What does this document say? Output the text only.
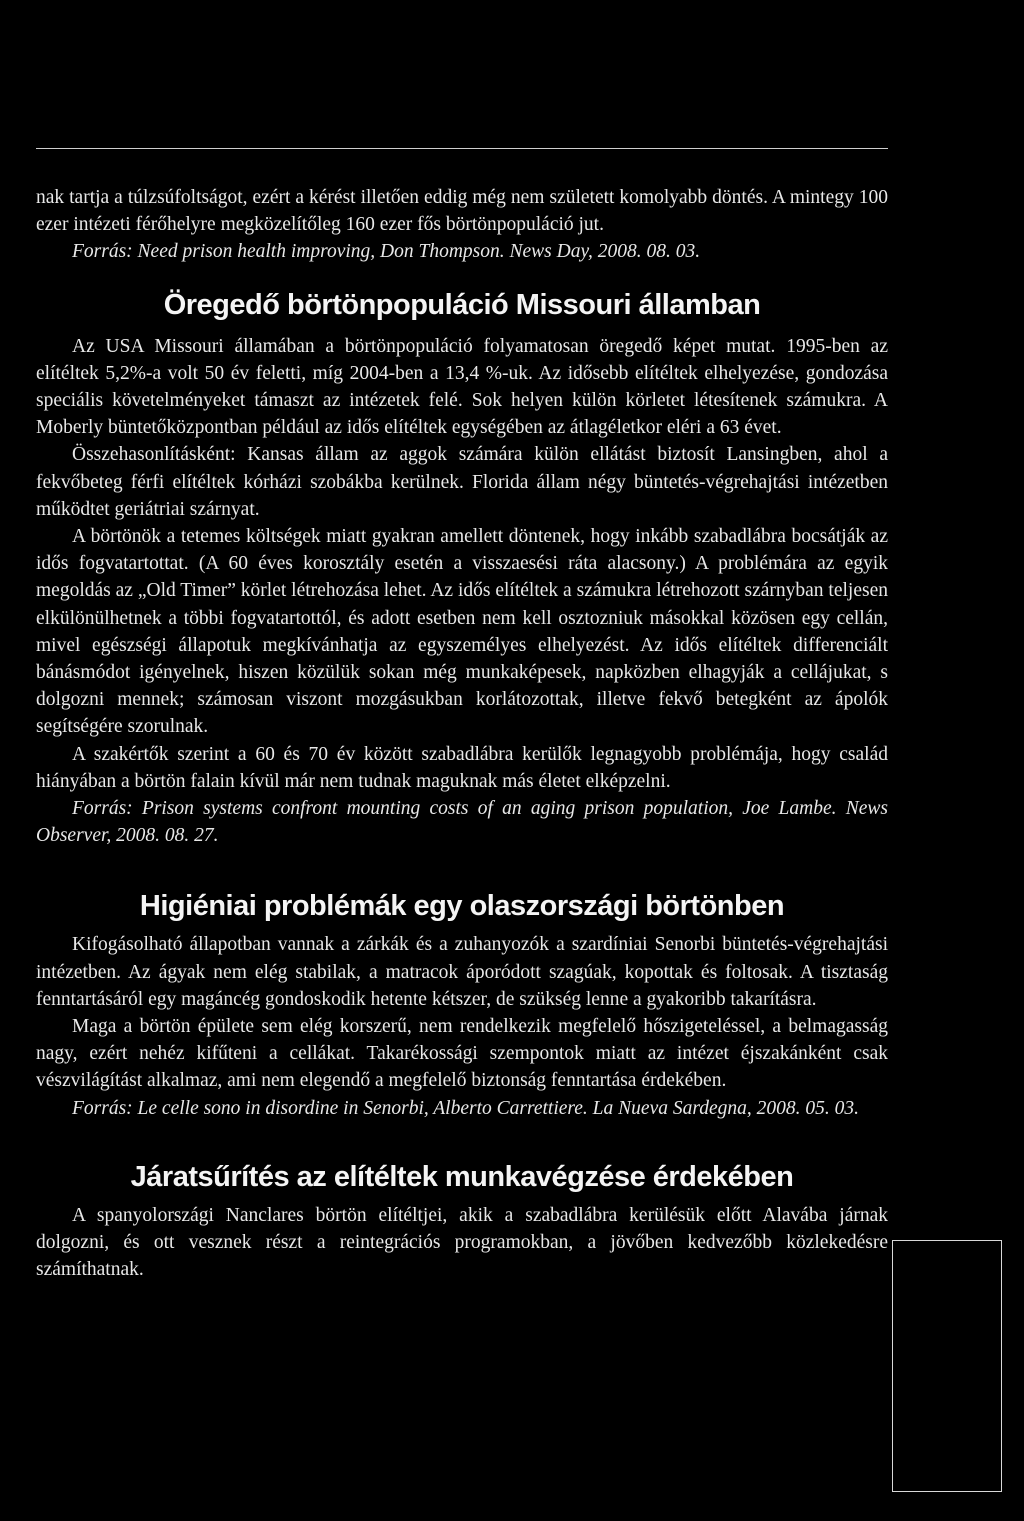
nak tartja a túlzsúfoltságot, ezért a kérést illetően eddig még nem született komolyabb döntés. A mintegy 100 ezer intézeti férőhelyre megközelítőleg 160 ezer fős börtönpopuláció jut.

Forrás: Need prison health improving, Don Thompson. News Day, 2008. 08. 03.

Öregedő börtönpopuláció Missouri államban

Az USA Missouri államában a börtönpopuláció folyamatosan öregedő képet mutat. 1995-ben az elítéltek 5,2%-a volt 50 év feletti, míg 2004-ben a 13,4 %-uk. Az idősebb elítéltek elhelyezése, gondozása speciális követelményeket támaszt az intézetek felé. Sok helyen külön körletet létesítenek számukra. A Moberly büntetőközpontban például az idős elítéltek egységében az átlagéletkor eléri a 63 évet.

Összehasonlításként: Kansas állam az aggok számára külön ellátást biztosít Lansingben, ahol a fekvőbeteg férfi elítéltek kórházi szobákba kerülnek. Florida állam négy büntetés-végrehajtási intézetben működtet geriátriai szárnyat.

A börtönök a tetemes költségek miatt gyakran amellett döntenek, hogy inkább szabadlábra bocsátják az idős fogvatartottat. (A 60 éves korosztály esetén a visszaesési ráta alacsony.) A problémára az egyik megoldás az „Old Timer” körlet létrehozása lehet. Az idős elítéltek a számukra létrehozott szárnyban teljesen elkülönülhetnek a többi fogvatartottól, és adott esetben nem kell osztozniuk másokkal közösen egy cellán, mivel egészségi állapotuk megkívánhatja az egyszemélyes elhelyezést. Az idős elítéltek differenciált bánásmódot igényelnek, hiszen közülük sokan még munkaképesek, napközben elhagyják a cellájukat, s dolgozni mennek; számosan viszont mozgásukban korlátozottak, illetve fekvő betegként az ápolók segítségére szorulnak.

A szakértők szerint a 60 és 70 év között szabadlábra kerülők legnagyobb problémája, hogy család hiányában a börtön falain kívül már nem tudnak maguknak más életet elképzelni.

Forrás: Prison systems confront mounting costs of an aging prison population, Joe Lambe. News Observer, 2008. 08. 27.

Higiéniai problémák egy olaszországi börtönben

Kifogásolható állapotban vannak a zárkák és a zuhanyozók a szardíniai Senorbi büntetés-végrehajtási intézetben. Az ágyak nem elég stabilak, a matracok áporódott szagúak, kopottak és foltosak. A tisztaság fenntartásáról egy magáncég gondoskodik hetente kétszer, de szükség lenne a gyakoribb takarításra.

Maga a börtön épülete sem elég korszerű, nem rendelkezik megfelelő hőszigeteléssel, a belmagasság nagy, ezért nehéz kifűteni a cellákat. Takarékossági szempontok miatt az intézet éjszakánként csak vészvilágítást alkalmaz, ami nem elegendő a megfelelő biztonság fenntartása érdekében.

Forrás: Le celle sono in disordine in Senorbi, Alberto Carrettiere. La Nueva Sardegna, 2008. 05. 03.

Járatsűrítés az elítéltek munkavégzése érdekében

A spanyolországi Nanclares börtön elítéltjei, akik a szabadlábra kerülésük előtt Alavába járnak dolgozni, és ott vesznek részt a reintegrációs programokban, a jövőben kedvezőbb közlekedésre számíthatnak.
